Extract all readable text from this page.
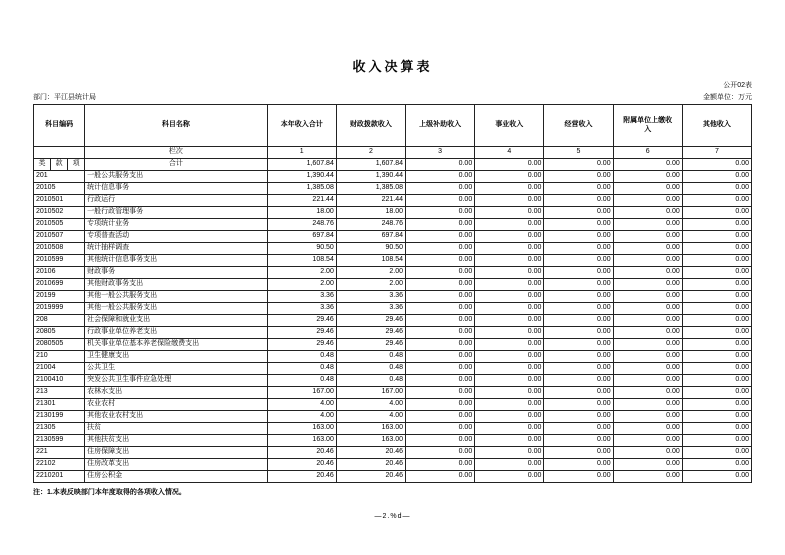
收入决算表
公开02表
部门：平江县统计局	金额单位：万元
科目编码			科目名称	本年收入合计	财政拨款收入	上级补助收入	事业收入	经营收入	附属单位上缴收入	其他收入
			栏次	1	2	3	4	5	6	7
类	款	项	合计	1,607.84	1,607.84	0.00	0.00	0.00	0.00	0.00
201			一般公共服务支出	1,390.44	1,390.44	0.00	0.00	0.00	0.00	0.00
20105			统计信息事务	1,385.08	1,385.08	0.00	0.00	0.00	0.00	0.00
2010501			行政运行	221.44	221.44	0.00	0.00	0.00	0.00	0.00
2010502			一般行政管理事务	18.00	18.00	0.00	0.00	0.00	0.00	0.00
2010505			专项统计业务	248.76	248.76	0.00	0.00	0.00	0.00	0.00
2010507			专项普查活动	697.84	697.84	0.00	0.00	0.00	0.00	0.00
2010508			统计抽样调查	90.50	90.50	0.00	0.00	0.00	0.00	0.00
2010599			其他统计信息事务支出	108.54	108.54	0.00	0.00	0.00	0.00	0.00
20106			财政事务	2.00	2.00	0.00	0.00	0.00	0.00	0.00
2010699			其他财政事务支出	2.00	2.00	0.00	0.00	0.00	0.00	0.00
20199			其他一般公共服务支出	3.36	3.36	0.00	0.00	0.00	0.00	0.00
2019999			其他一般公共服务支出	3.36	3.36	0.00	0.00	0.00	0.00	0.00
208			社会保障和就业支出	29.46	29.46	0.00	0.00	0.00	0.00	0.00
20805			行政事业单位养老支出	29.46	29.46	0.00	0.00	0.00	0.00	0.00
2080505			机关事业单位基本养老保险缴费支出	29.46	29.46	0.00	0.00	0.00	0.00	0.00
210			卫生健康支出	0.48	0.48	0.00	0.00	0.00	0.00	0.00
21004			公共卫生	0.48	0.48	0.00	0.00	0.00	0.00	0.00
2100410			突发公共卫生事件应急处理	0.48	0.48	0.00	0.00	0.00	0.00	0.00
213			农林水支出	167.00	167.00	0.00	0.00	0.00	0.00	0.00
21301			农业农村	4.00	4.00	0.00	0.00	0.00	0.00	0.00
2130199			其他农业农村支出	4.00	4.00	0.00	0.00	0.00	0.00	0.00
21305			扶贫	163.00	163.00	0.00	0.00	0.00	0.00	0.00
2130599			其他扶贫支出	163.00	163.00	0.00	0.00	0.00	0.00	0.00
221			住房保障支出	20.46	20.46	0.00	0.00	0.00	0.00	0.00
22102			住房改革支出	20.46	20.46	0.00	0.00	0.00	0.00	0.00
2210201			住房公积金	20.46	20.46	0.00	0.00	0.00	0.00	0.00
注：1.本表反映部门本年度取得的各项收入情况。
—2.%d—
